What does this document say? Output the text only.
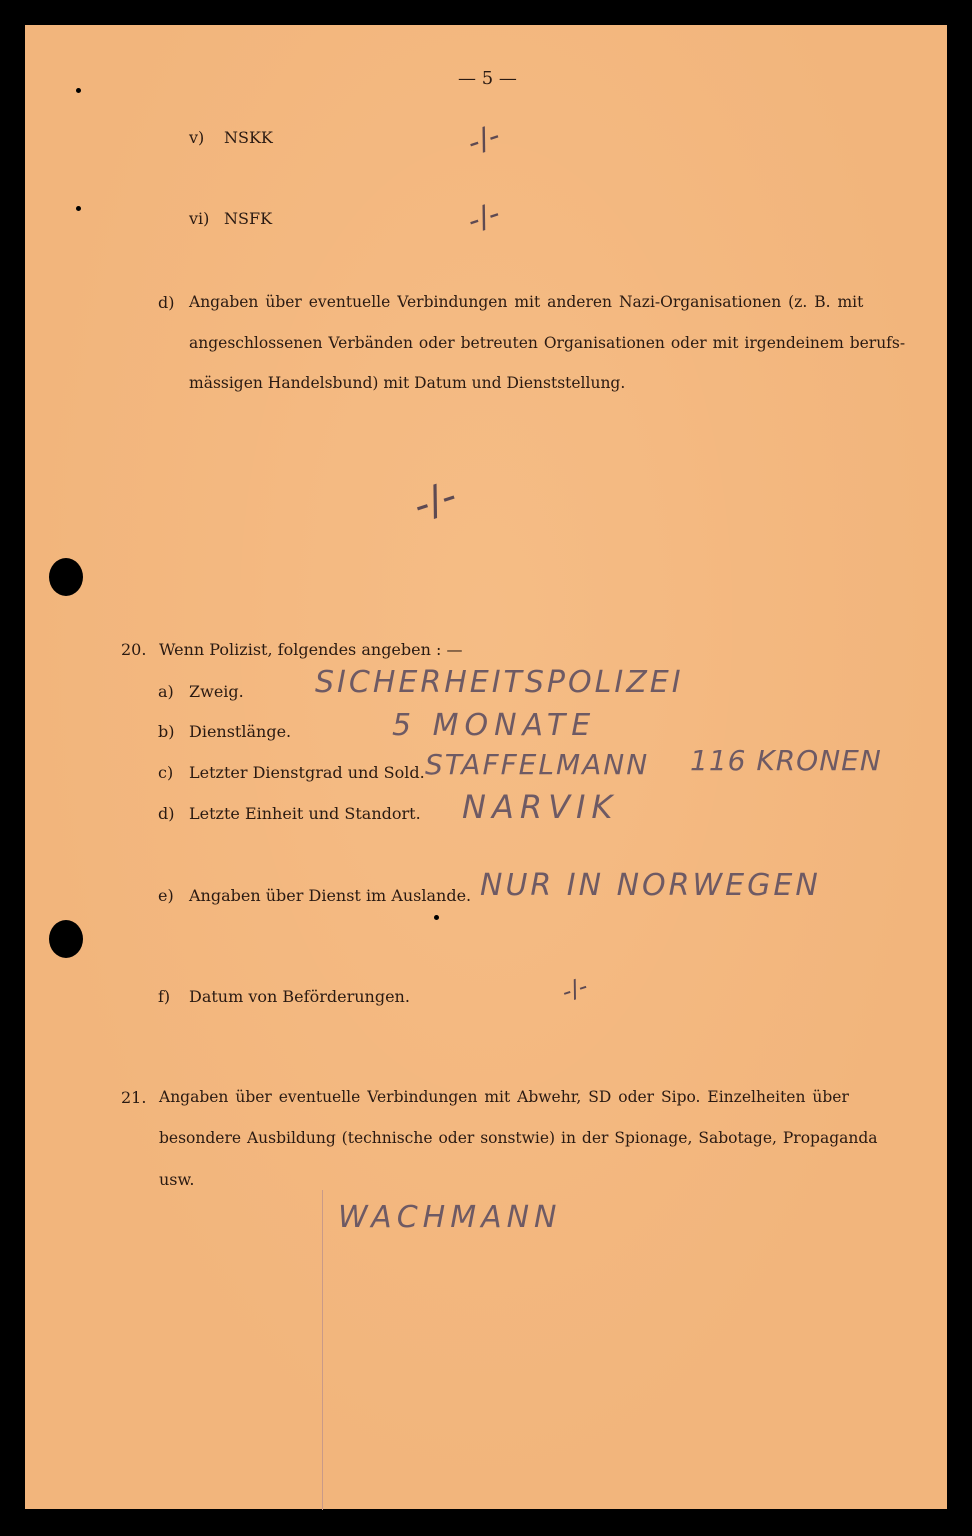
— 5 —
v) NSKK	-/-
vi) NSFK	-/-
d) Angaben über eventuelle Verbindungen mit anderen Nazi-Organisationen (z. B. mit
angeschlossenen Verbänden oder betreuten Organisationen oder mit irgendeinem berufs-
mässigen Handelsbund) mit Datum und Dienststellung.
-/-
20. Wenn Polizist, folgendes angeben : —
a) Zweig. SICHERHEITSPOLIZEI
b) Dienstlänge.	5 MONATE
c) Letzter Dienstgrad und Sold. STAFFELMANN 116 KRONEN
d) Letzte Einheit und Standort. NARVIK
e) Angaben über Dienst im Auslande. NUR IN NORWEGEN
f) Datum von Beförderungen.	-/-
21. Angaben über eventuelle Verbindungen mit Abwehr, SD oder Sipo. Einzelheiten über
besondere Ausbildung (technische oder sonstwie) in der Spionage, Sabotage, Propaganda
usw.
WACHMANN
